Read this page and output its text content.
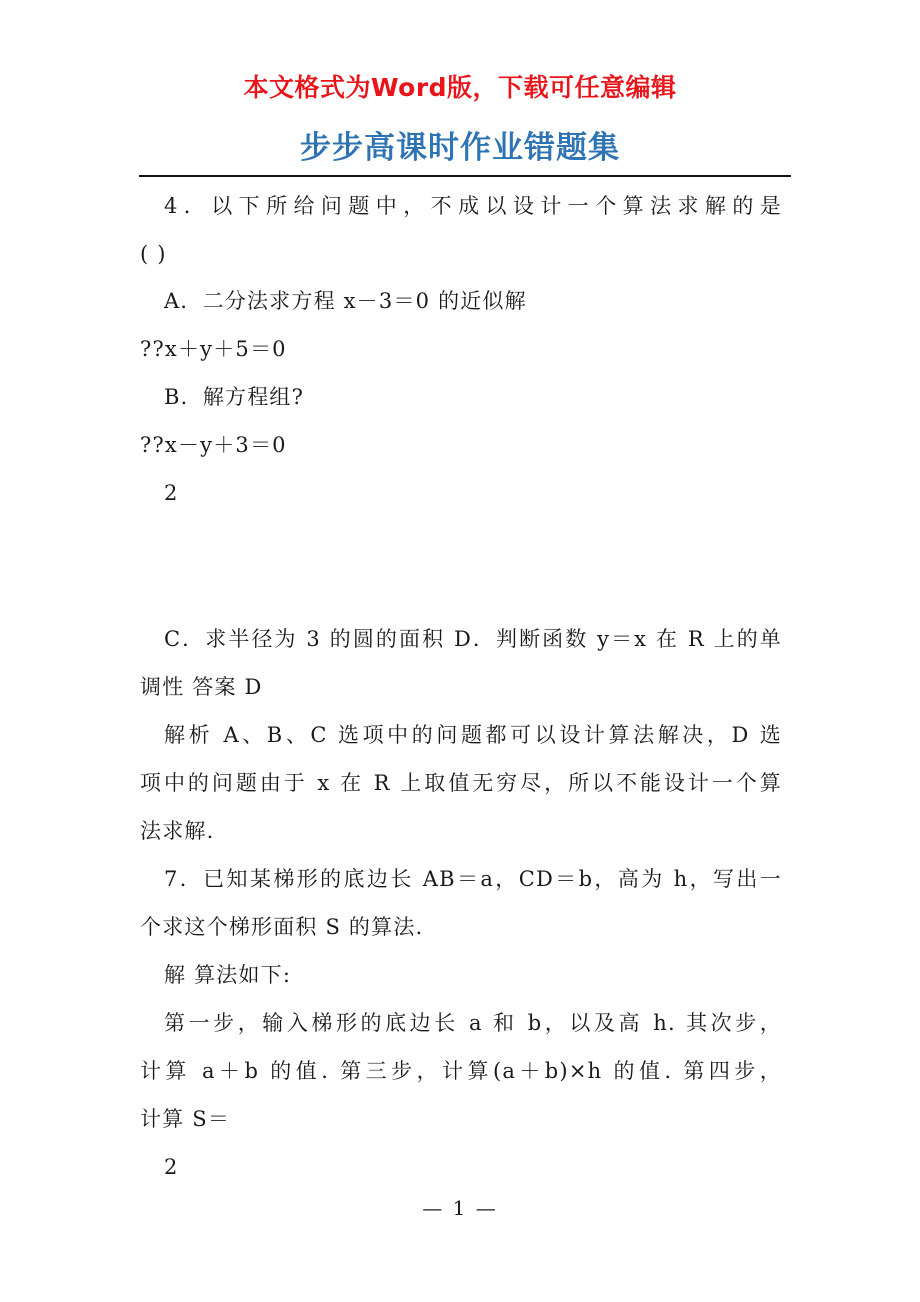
本文格式为Word版，下载可任意编辑
步步高课时作业错题集
4．以下所给问题中，不成以设计一个算法求解的是
( )
A．二分法求方程 x－3＝0 的近似解
??x＋y＋5＝0
B．解方程组?
??x－y＋3＝0
2
C．求半径为 3 的圆的面积 D．判断函数 y＝x 在 R 上的单
调性 答案 D
解析 A、B、C 选项中的问题都可以设计算法解决，D 选
项中的问题由于 x 在 R 上取值无穷尽，所以不能设计一个算
法求解.
7．已知某梯形的底边长 AB＝a，CD＝b，高为 h，写出一
个求这个梯形面积 S 的算法.
解 算法如下:
第一步，输入梯形的底边长 a 和 b，以及高 h. 其次步，
计算 a＋b 的值. 第三步，计算(a＋b)×h 的值. 第四步，
计算 S＝
2
— 1 —
